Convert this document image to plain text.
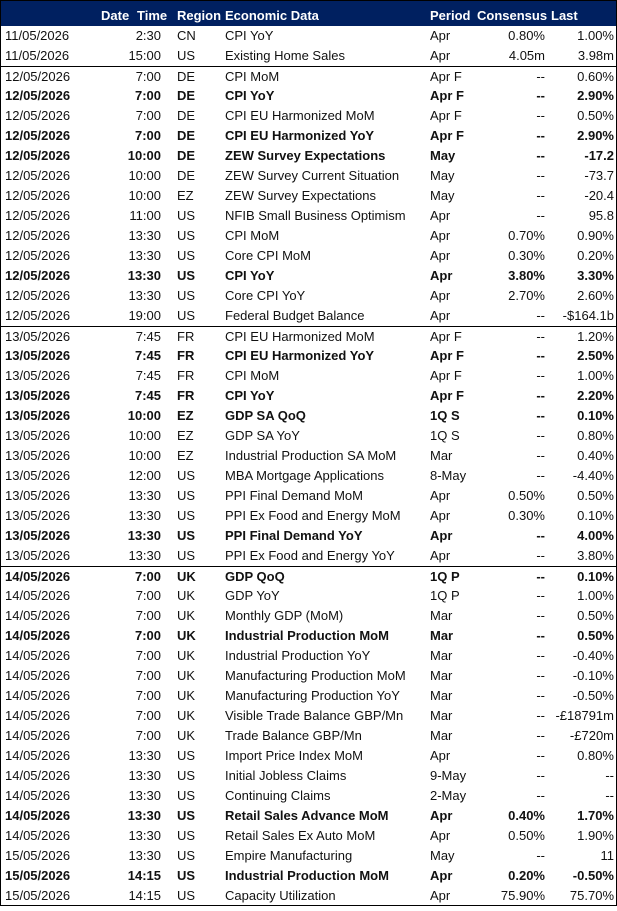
Date Time Region Economic Data	Period Consensus Last
11/05/2026	2:30 CN	CPI YoY	Apr	0.80%	1.00%
11/05/2026	15:00 US	Existing Home Sales	Apr	4.05m	3.98m
12/05/2026	7:00 DE	CPI MoM	Apr F	--	0.60%
12/05/2026	7:00 DE	CPI YoY	Apr F	--	2.90%
12/05/2026	7:00 DE	CPI EU Harmonized MoM	Apr F	--	0.50%
12/05/2026	7:00 DE	CPI EU Harmonized YoY	Apr F	--	2.90%
12/05/2026	10:00 DE	ZEW Survey Expectations	May	--	-17.2
12/05/2026	10:00 DE	ZEW Survey Current Situation	May	--	-73.7
12/05/2026	10:00 EZ	ZEW Survey Expectations	May	--	-20.4
12/05/2026	11:00 US	NFIB Small Business Optimism	Apr	--	95.8
12/05/2026	13:30 US	CPI MoM	Apr	0.70%	0.90%
12/05/2026	13:30 US	Core CPI MoM	Apr	0.30%	0.20%
12/05/2026	13:30 US	CPI YoY	Apr	3.80%	3.30%
12/05/2026	13:30 US	Core CPI YoY	Apr	2.70%	2.60%
12/05/2026	19:00 US	Federal Budget Balance	Apr	--	-$164.1b
13/05/2026	7:45 FR	CPI EU Harmonized MoM	Apr F	--	1.20%
13/05/2026	7:45 FR	CPI EU Harmonized YoY	Apr F	--	2.50%
13/05/2026	7:45 FR	CPI MoM	Apr F	--	1.00%
13/05/2026	7:45 FR	CPI YoY	Apr F	--	2.20%
13/05/2026	10:00 EZ	GDP SA QoQ	1Q S	--	0.10%
13/05/2026	10:00 EZ	GDP SA YoY	1Q S	--	0.80%
13/05/2026	10:00 EZ	Industrial Production SA MoM	Mar	--	0.40%
13/05/2026	12:00 US	MBA Mortgage Applications	8-May	--	-4.40%
13/05/2026	13:30 US	PPI Final Demand MoM	Apr	0.50%	0.50%
13/05/2026	13:30 US	PPI Ex Food and Energy MoM	Apr	0.30%	0.10%
13/05/2026	13:30 US	PPI Final Demand YoY	Apr	--	4.00%
13/05/2026	13:30 US	PPI Ex Food and Energy YoY	Apr	--	3.80%
14/05/2026	7:00 UK	GDP QoQ	1Q P	--	0.10%
14/05/2026	7:00 UK	GDP YoY	1Q P	--	1.00%
14/05/2026	7:00 UK	Monthly GDP (MoM)	Mar	--	0.50%
14/05/2026	7:00 UK	Industrial Production MoM	Mar	--	0.50%
14/05/2026	7:00 UK	Industrial Production YoY	Mar	--	-0.40%
14/05/2026	7:00 UK	Manufacturing Production MoM	Mar	--	-0.10%
14/05/2026	7:00 UK	Manufacturing Production YoY	Mar	--	-0.50%
14/05/2026	7:00 UK	Visible Trade Balance GBP/Mn	Mar	-- -£18791m
14/05/2026	7:00 UK	Trade Balance GBP/Mn	Mar	--	-£720m
14/05/2026	13:30 US	Import Price Index MoM	Apr	--	0.80%
14/05/2026	13:30 US	Initial Jobless Claims	9-May	--	--
14/05/2026	13:30 US	Continuing Claims	2-May	--	--
14/05/2026	13:30 US	Retail Sales Advance MoM	Apr	0.40%	1.70%
14/05/2026	13:30 US	Retail Sales Ex Auto MoM	Apr	0.50%	1.90%
15/05/2026	13:30 US	Empire Manufacturing	May	--	11
15/05/2026	14:15 US	Industrial Production MoM	Apr	0.20%	-0.50%
15/05/2026	14:15 US	Capacity Utilization	Apr	75.90%	75.70%
